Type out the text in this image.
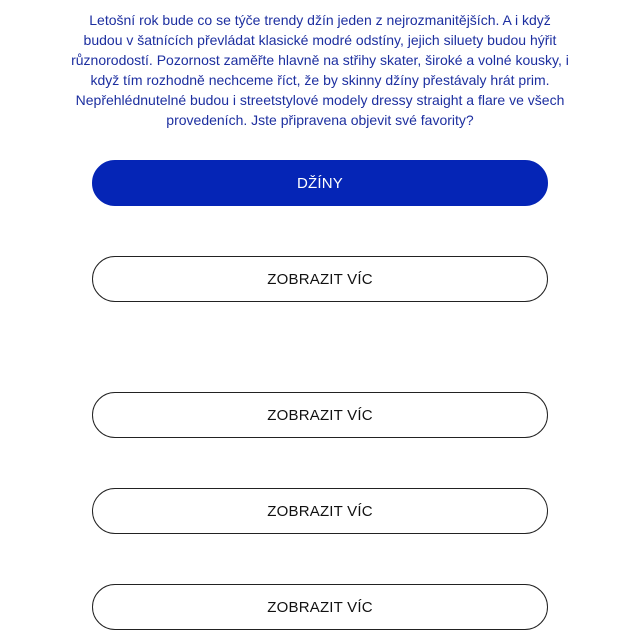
Letošní rok bude co se týče trendy džín jeden z nejrozmanitějších. A i když budou v šatnících převládat klasické modré odstíny, jejich siluety budou hýřit různorodostí. Pozornost zaměřte hlavně na střihy skater, široké a volné kousky, i když tím rozhodně nechceme říct, že by skinny džíny přestávaly hrát prim. Nepřehlédnutelné budou i streetstylové modely dressy straight a flare ve všech provedeních. Jste připravena objevit své favority?

DŽÍNY
ZOBRAZIT VÍC
ZOBRAZIT VÍC
ZOBRAZIT VÍC
ZOBRAZIT VÍC
